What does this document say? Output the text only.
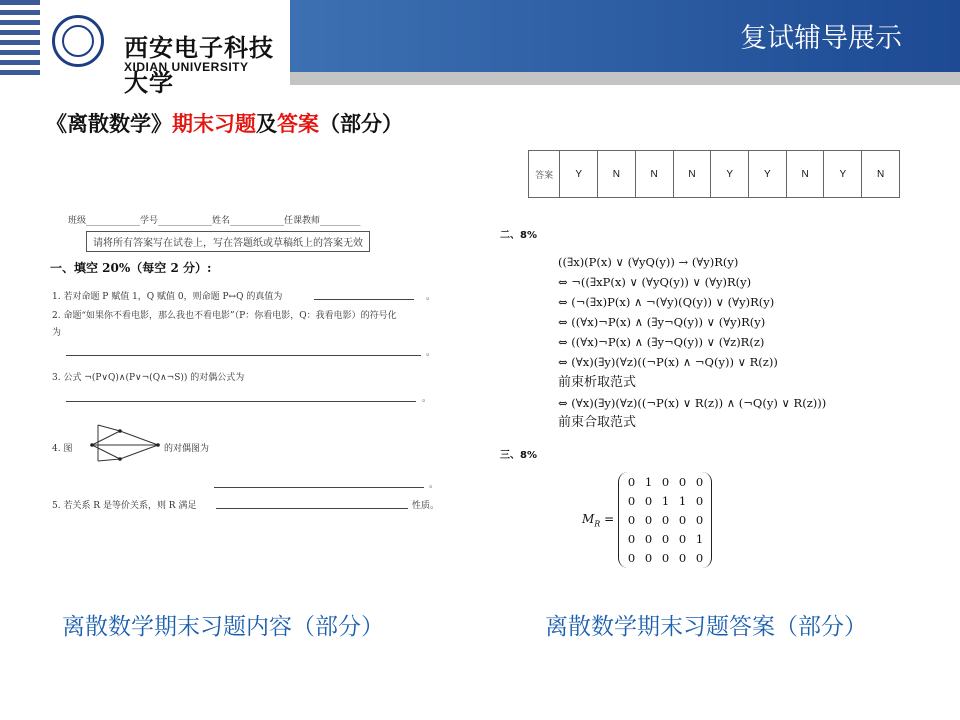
西安电子科技大学
XIDIAN UNIVERSITY
复试辅导展示
《离散数学》期末习题及答案（部分）
班级____________学号____________姓名____________任课教师_________
请将所有答案写在试卷上，写在答题纸或草稿纸上的答案无效
一、填空 20%（每空 2 分）:
1. 若对命题 P 赋值 1，Q 赋值 0，则命题 P↔Q 的真值为	。
2. 命题“如果你不看电影，那么我也不看电影”（P：你看电影，Q：我看电影）的符号化
为
。
3. 公式 ¬(P∨Q)∧(P∨¬(Q∧¬S)) 的对偶公式为
。
4. 图	的对偶图为
。
5. 若关系 R 是等价关系，则 R 满足	性质。
答案	Y	N	N	N	Y	Y	N	Y	N
二、8%
((∃x)(P(x) ∨ (∀yQ(y)) → (∀y)R(y)
⇔ ¬((∃xP(x) ∨ (∀yQ(y)) ∨ (∀y)R(y)
⇔ (¬(∃x)P(x) ∧ ¬(∀y)(Q(y)) ∨ (∀y)R(y)
⇔ ((∀x)¬P(x) ∧ (∃y¬Q(y)) ∨ (∀y)R(y)
⇔ ((∀x)¬P(x) ∧ (∃y¬Q(y)) ∨ (∀z)R(z)
⇔ (∀x)(∃y)(∀z)((¬P(x) ∧ ¬Q(y)) ∨ R(z))
前束析取范式
⇔ (∀x)(∃y)(∀z)((¬P(x) ∨ R(z)) ∧ (¬Q(y) ∨ R(z)))
前束合取范式
三、8%
$M_R$ =
0	1	0	0	0
0	0	1	1	0
0	0	0	0	0
0	0	0	0	1
0	0	0	0	0
离散数学期末习题内容（部分）	离散数学期末习题答案（部分）
